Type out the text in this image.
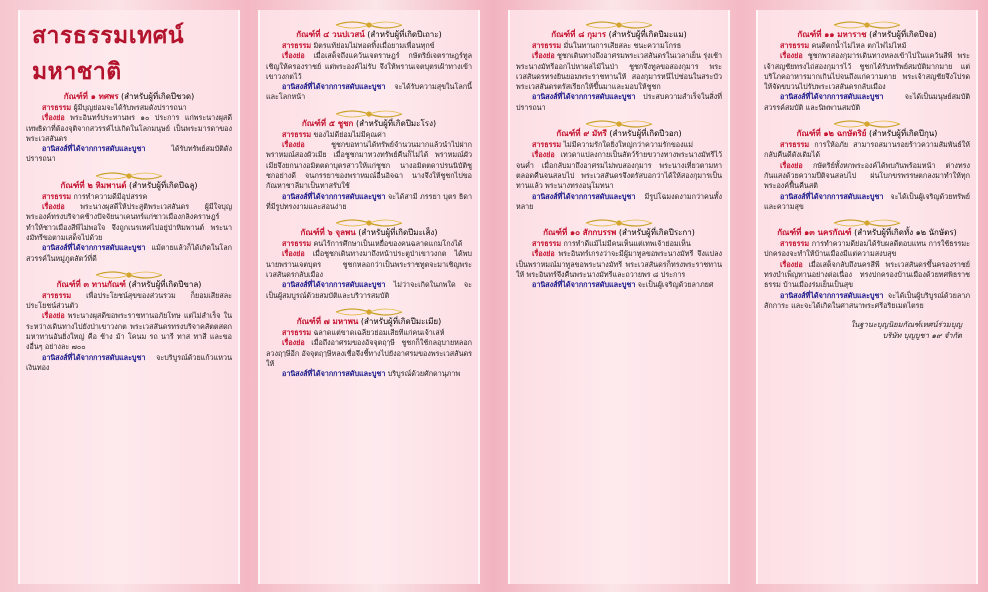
สารธรรมเทศน์มหาชาติ
กัณฑ์ที่ ๑ ทศพร (สำหรับผู้ที่เกิดปีชวด)

สารธรรม ผู้มีบุญย่อมจะได้รับพรสมดังปรารถนา

เรื่องย่อ พระอินทร์ประทานพร ๑๐ ประการ แก่พระนางผุสดี เทพธิดาที่ต้องจุติจากสวรรค์ไปเกิดในโลกมนุษย์ เป็นพระมารดาของพระเวสสันดร

อานิสงส์ที่ได้จากการสดับและบูชา	ได้รับทรัพย์สมบัติดังปรารถนา

กัณฑ์ที่ ๒ หิมพานต์ (สำหรับผู้ที่เกิดปีฉลู)

สารธรรม การทำความดีมีอุปสรรค

เรื่องย่อ พระนางผุสดีให้ประสูติพระเวสสันดร ผู้มีใจบุญ พระองค์ทรงบริจาคช้างปัจจัยนาเคนทร์แก่ชาวเมืองกลิงคราษฎร์ ทำให้ชาวเมืองสีพีไม่พอใจ จึงถูกเนรเทศไปอยู่ป่าหิมพานต์ พระนางมัทรีขอตามเสด็จไปด้วย

อานิสงส์ที่ได้จากการสดับและบูชา แม้ตายแล้วก็ได้เกิดในโลกสวรรค์ในหมู่ภูตสัตว์ที่ดี

กัณฑ์ที่ ๓ ทานกัณฑ์ (สำหรับผู้ที่เกิดปีขาล)

สารธรรม เพื่อประโยชน์สุขของส่วนรวม ก็ยอมเสียสละประโยชน์ส่วนตัว

เรื่องย่อ พระนางผุสดีขอพระราชทานอภัยโทษ แต่ไม่สำเร็จ ในระหว่างเดินทางไปยังป่าเขาวงกต พระเวสสันดรทรงบริจาคสัตตสดกมหาทานอันยิ่งใหญ่ คือ ช้าง ม้า โคนม รถ นารี ทาส ทาสี และของอื่นๆ อย่างละ ๗๐๐

อานิสงส์ที่ได้จากการสดับและบูชา จะบริบูรณ์ด้วยแก้วแหวนเงินทอง

กัณฑ์ที่ ๔ วนปเวสน์ (สำหรับผู้ที่เกิดปีเถาะ)

สารธรรม มิตรแท้ย่อมไม่ทอดทิ้งเมื่อยามเพื่อนทุกข์

เรื่องย่อ เมื่อเสด็จถึงแคว้นเจตราษฎร์ กษัตริย์เจตราษฎร์ทูลเชิญให้ครองราชย์ แต่พระองค์ไม่รับ จึงให้พรานเจตบุตรเฝ้าทางเข้าเขาวงกตไว้

อานิสงส์ที่ได้จากการสดับและบูชา จะได้รับความสุขในโลกนี้และโลกหน้า

กัณฑ์ที่ ๕ ชูชก (สำหรับผู้ที่เกิดปีมะโรง)

สารธรรม ของไม่ดีย่อมไม่มีคุณค่า

เรื่องย่อ	ชูชกขอทานได้ทรัพย์จำนวนมากแล้วนำไปฝากพราหมณ์สองผัวเมีย เมื่อชูชกมาทวงทรัพย์คืนก็ไม่ได้ พราหมณ์ผัวเมียจึงยกนางอมิตตดาบุตรสาวให้แก่ชูชก นางอมิตตดาปรนนิบัติชูชกอย่างดี จนภรรยาของพราหมณ์อื่นอิจฉา นางจึงให้ชูชกไปขอกัณหาชาลีมาเป็นทาสรับใช้

อานิสงส์ที่ได้จากการสดับและบูชา จะได้สามี ภรรยา บุตร ธิดา ที่มีรูปทรงงามและสอนง่าย

กัณฑ์ที่ ๖ จุลพน (สำหรับผู้ที่เกิดปีมะเส็ง)

สารธรรม คนไร้การศึกษาเป็นเหยื่อของคนฉลาดแกมโกงได้

เรื่องย่อ เมื่อชูชกเดินทางมาถึงหน้าประตูป่าเขาวงกต ได้พบนายพรานเจตบุตร ชูชกหลอกว่าเป็นพระราชทูตจะมาเชิญพระเวสสันดรกลับเมือง

อานิสงส์ที่ได้จากการสดับและบูชา ไม่ว่าจะเกิดในภพใด จะเป็นผู้สมบูรณ์ด้วยสมบัติและบริวารสมบัติ

กัณฑ์ที่ ๗ มหาพน (สำหรับผู้ที่เกิดปีมะเมีย)

สารธรรม ฉลาดแต่ขาดเฉลียวย่อมเสียทีแก่คนเจ้าเล่ห์

เรื่องย่อ เมื่อถึงอาศรมของอัจจุตฤๅษี ชูชกก็ใช้กลอุบายหลอกลวงฤๅษีอีก อัจจุตฤๅษีหลงเชื่อจึงชี้ทางไปยังอาศรมของพระเวสสันดรให้

อานิสงส์ที่ได้จากการสดับและบูชา บริบูรณ์ด้วยศักดานุภาพ

กัณฑ์ที่ ๘ กุมาร (สำหรับผู้ที่เกิดปีมะแม)

สารธรรม มั่นในทานการเสียสละ ชนะความโกรธ

เรื่องย่อ ชูชกเดินทางถึงอาศรมพระเวสสันดรในเวลาเย็น รุ่งเช้าพระนางมัทรีออกไปหาผลไม้ในป่า ชูชกจึงทูลขอสองกุมาร พระเวสสันดรทรงยินยอมพระราชทานให้ สองกุมารหนีไปซ่อนในสระบัว พระเวสสันดรตรัสเรียกให้ขึ้นมาและมอบให้ชูชก

อานิสงส์ที่ได้จากการสดับและบูชา ประสบความสำเร็จในสิ่งที่ปรารถนา

กัณฑ์ที่ ๙ มัทรี (สำหรับผู้ที่เกิดปีวอก)

สารธรรม ไม่มีความรักใดยิ่งใหญ่กว่าความรักของแม่

เรื่องย่อ เทวดาแปลงกายเป็นสัตว์ร้ายขวางทางพระนางมัทรีไว้จนค่ำ เมื่อกลับมาถึงอาศรมไม่พบสองกุมาร พระนางเที่ยวตามหาตลอดคืนจนสลบไป พระเวสสันดรจึงตรัสบอกว่าได้ให้สองกุมารเป็นทานแล้ว พระนางทรงอนุโมทนา

อานิสงส์ที่ได้จากการสดับและบูชา มีรูปโฉมงดงามกว่าคนทั้งหลาย

กัณฑ์ที่ ๑๐ สักกบรรพ (สำหรับผู้ที่เกิดปีระกา)

สารธรรม การทำดีแม้ไม่มีคนเห็นแต่เทพเจ้าย่อมเห็น

เรื่องย่อ พระอินทร์เกรงว่าจะมีผู้มาทูลขอพระนางมัทรี จึงแปลงเป็นพราหมณ์มาทูลขอพระนางมัทรี พระเวสสันดรก็ทรงพระราชทานให้ พระอินทร์จึงคืนพระนางมัทรีและถวายพร ๘ ประการ

อานิสงส์ที่ได้จากการสดับและบูชา จะเป็นผู้เจริญด้วยลาภยศ

กัณฑ์ที่ ๑๑ มหาราช (สำหรับผู้ที่เกิดปีจอ)

สารธรรม คนดีตกน้ำไม่ไหล ตกไฟไม่ไหม้

เรื่องย่อ ชูชกพาสองกุมารเดินทางหลงเข้าไปในแคว้นสีพี พระเจ้าสญชัยทรงไถ่สองกุมารไว้ ชูชกได้รับทรัพย์สมบัติมากมาย แต่บริโภคอาหารมากเกินไปจนถึงแก่ความตาย พระเจ้าสญชัยจึงโปรดให้จัดขบวนไปรับพระเวสสันดรกลับเมือง

อานิสงส์ที่ได้จากการสดับและบูชา	จะได้เป็นมนุษย์สมบัติสวรรค์สมบัติ และนิพพานสมบัติ

กัณฑ์ที่ ๑๒ ฉกษัตริย์ (สำหรับผู้ที่เกิดปีกุน)

สารธรรม การให้อภัย สามารถสมานรอยร้าวความสัมพันธ์ให้กลับคืนดีดังเดิมได้

เรื่องย่อ กษัตริย์ทั้งหกพระองค์ได้พบกันพร้อมหน้า ต่างทรงกันแสงด้วยความปีติจนสลบไป ฝนโบกขรพรรษตกลงมาทำให้ทุกพระองค์ฟื้นคืนสติ

อานิสงส์ที่ได้จากการสดับและบูชา จะได้เป็นผู้เจริญด้วยทรัพย์และความสุข

กัณฑ์ที่ ๑๓ นครกัณฑ์ (สำหรับผู้ที่เกิดทั้ง ๑๒ นักษัตร)

สารธรรม การทำความดีย่อมได้รับผลดีตอบแทน การใช้ธรรมะปกครองจะทำให้บ้านเมืองมีแต่ความสงบสุข

เรื่องย่อ เมื่อเสด็จกลับถึงนครสีพี พระเวสสันดรขึ้นครองราชย์ ทรงบำเพ็ญทานอย่างต่อเนื่อง ทรงปกครองบ้านเมืองด้วยทศพิธราชธรรม บ้านเมืองร่มเย็นเป็นสุข

อานิสงส์ที่ได้จากการสดับและบูชา จะได้เป็นผู้บริบูรณ์ด้วยลาภสักการะ และจะได้เกิดในศาสนาพระศรีอริยเมตไตรย

ในฐานะบุญนิยมกัณฑ์เทศน์ร่วมบุญ
บริษัท บุญบูชา ๑๙ จำกัด
